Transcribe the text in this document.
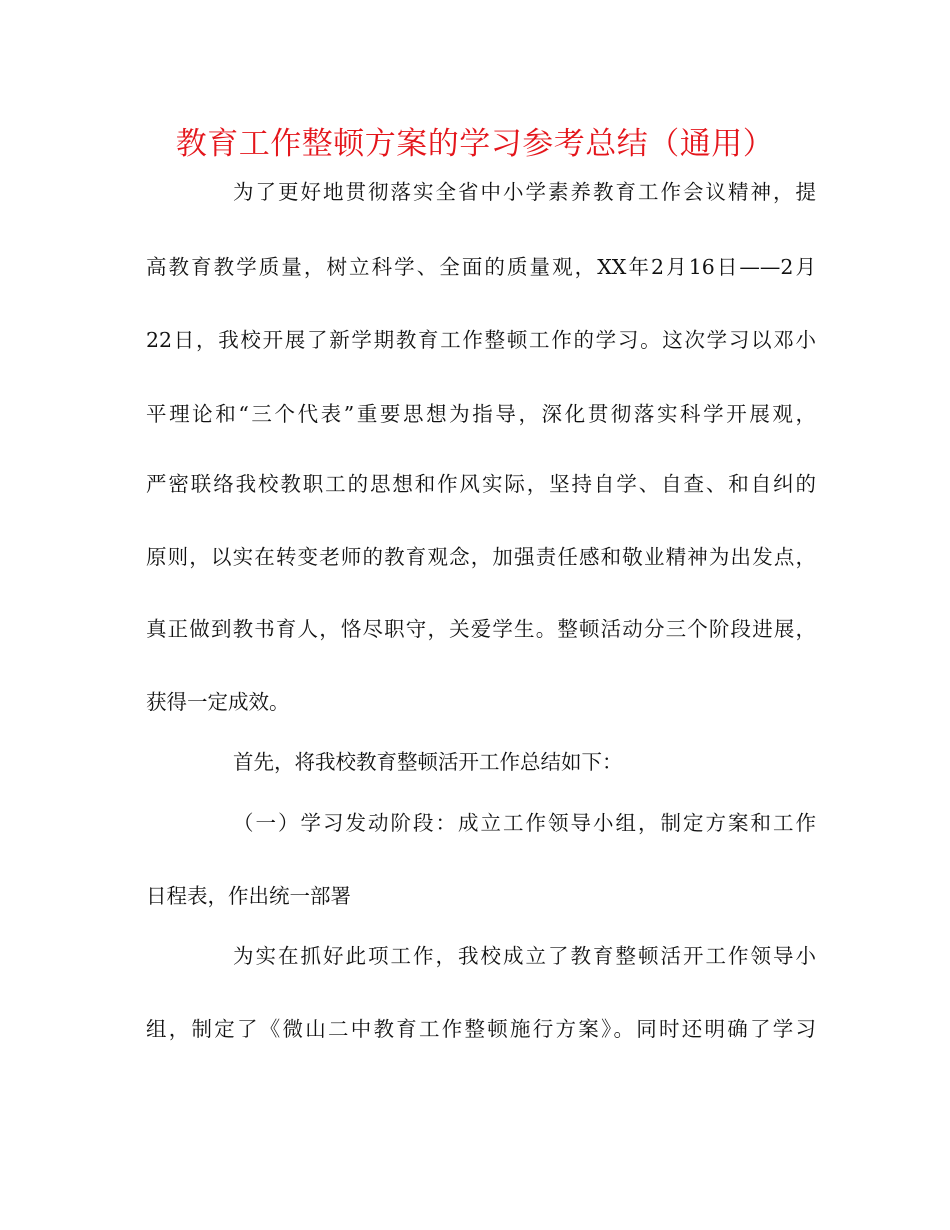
教育工作整顿方案的学习参考总结（通用）
为了更好地贯彻落实全省中小学素养教育工作会议精神，提
高教育教学质量，树立科学、全面的质量观，XX年2月16日——2月
22日，我校开展了新学期教育工作整顿工作的学习。这次学习以邓小
平理论和“三个代表”重要思想为指导，深化贯彻落实科学开展观，
严密联络我校教职工的思想和作风实际，坚持自学、自查、和自纠的
原则，以实在转变老师的教育观念，加强责任感和敬业精神为出发点，
真正做到教书育人，恪尽职守，关爱学生。整顿活动分三个阶段进展，
获得一定成效。
首先，将我校教育整顿活开工作总结如下：
（一）学习发动阶段：成立工作领导小组，制定方案和工作
日程表，作出统一部署
为实在抓好此项工作，我校成立了教育整顿活开工作领导小
组，制定了《微山二中教育工作整顿施行方案》。同时还明确了学习
